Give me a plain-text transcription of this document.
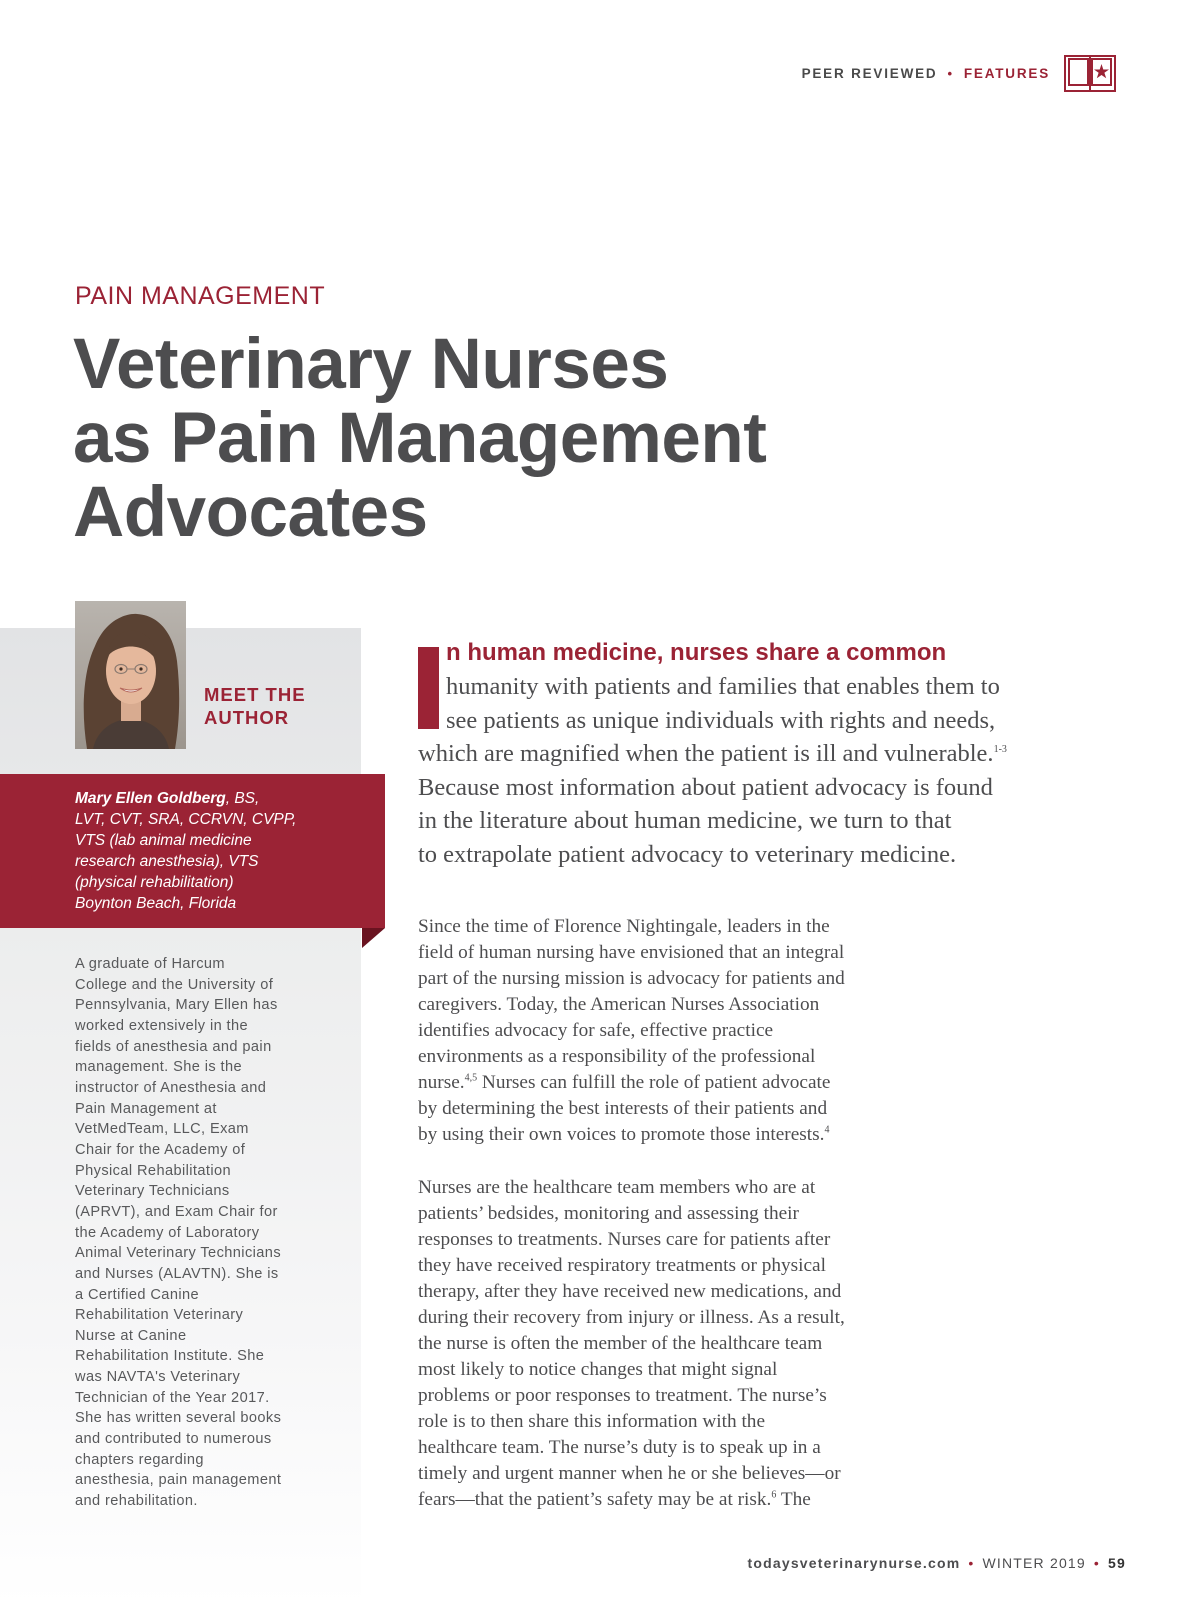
PEER REVIEWED • FEATURES
PAIN MANAGEMENT
Veterinary Nurses
as Pain Management
Advocates

MEET THE
AUTHOR

Mary Ellen Goldberg, BS,
LVT, CVT, SRA, CCRVN, CVPP,
VTS (lab animal medicine
research anesthesia), VTS
(physical rehabilitation)
Boynton Beach, Florida

A graduate of Harcum
College and the University of
Pennsylvania, Mary Ellen has
worked extensively in the
fields of anesthesia and pain
management. She is the
instructor of Anesthesia and
Pain Management at
VetMedTeam, LLC, Exam
Chair for the Academy of
Physical Rehabilitation
Veterinary Technicians
(APRVT), and Exam Chair for
the Academy of Laboratory
Animal Veterinary Technicians
and Nurses (ALAVTN). She is
a Certified Canine
Rehabilitation Veterinary
Nurse at Canine
Rehabilitation Institute. She
was NAVTA's Veterinary
Technician of the Year 2017.
She has written several books
and contributed to numerous
chapters regarding
anesthesia, pain management
and rehabilitation.

n human medicine, nurses share a common

humanity with patients and families that enables them to
see patients as unique individuals with rights and needs,
which are magnified when the patient is ill and vulnerable.$^{1-3}$
Because most information about patient advocacy is found
in the literature about human medicine, we turn to that
to extrapolate patient advocacy to veterinary medicine.

Since the time of Florence Nightingale, leaders in the
field of human nursing have envisioned that an integral
part of the nursing mission is advocacy for patients and
caregivers. Today, the American Nurses Association
identifies advocacy for safe, effective practice
environments as a responsibility of the professional
nurse.$^{4,5}$ Nurses can fulfill the role of patient advocate
by determining the best interests of their patients and
by using their own voices to promote those interests.$^4$

Nurses are the healthcare team members who are at
patients’ bedsides, monitoring and assessing their
responses to treatments. Nurses care for patients after
they have received respiratory treatments or physical
therapy, after they have received new medications, and
during their recovery from injury or illness. As a result,
the nurse is often the member of the healthcare team
most likely to notice changes that might signal
problems or poor responses to treatment. The nurse’s
role is to then share this information with the
healthcare team. The nurse’s duty is to speak up in a
timely and urgent manner when he or she believes—or
fears—that the patient’s safety may be at risk.$^6$ The

todaysveterinarynurse.com • WINTER 2019 • 59
